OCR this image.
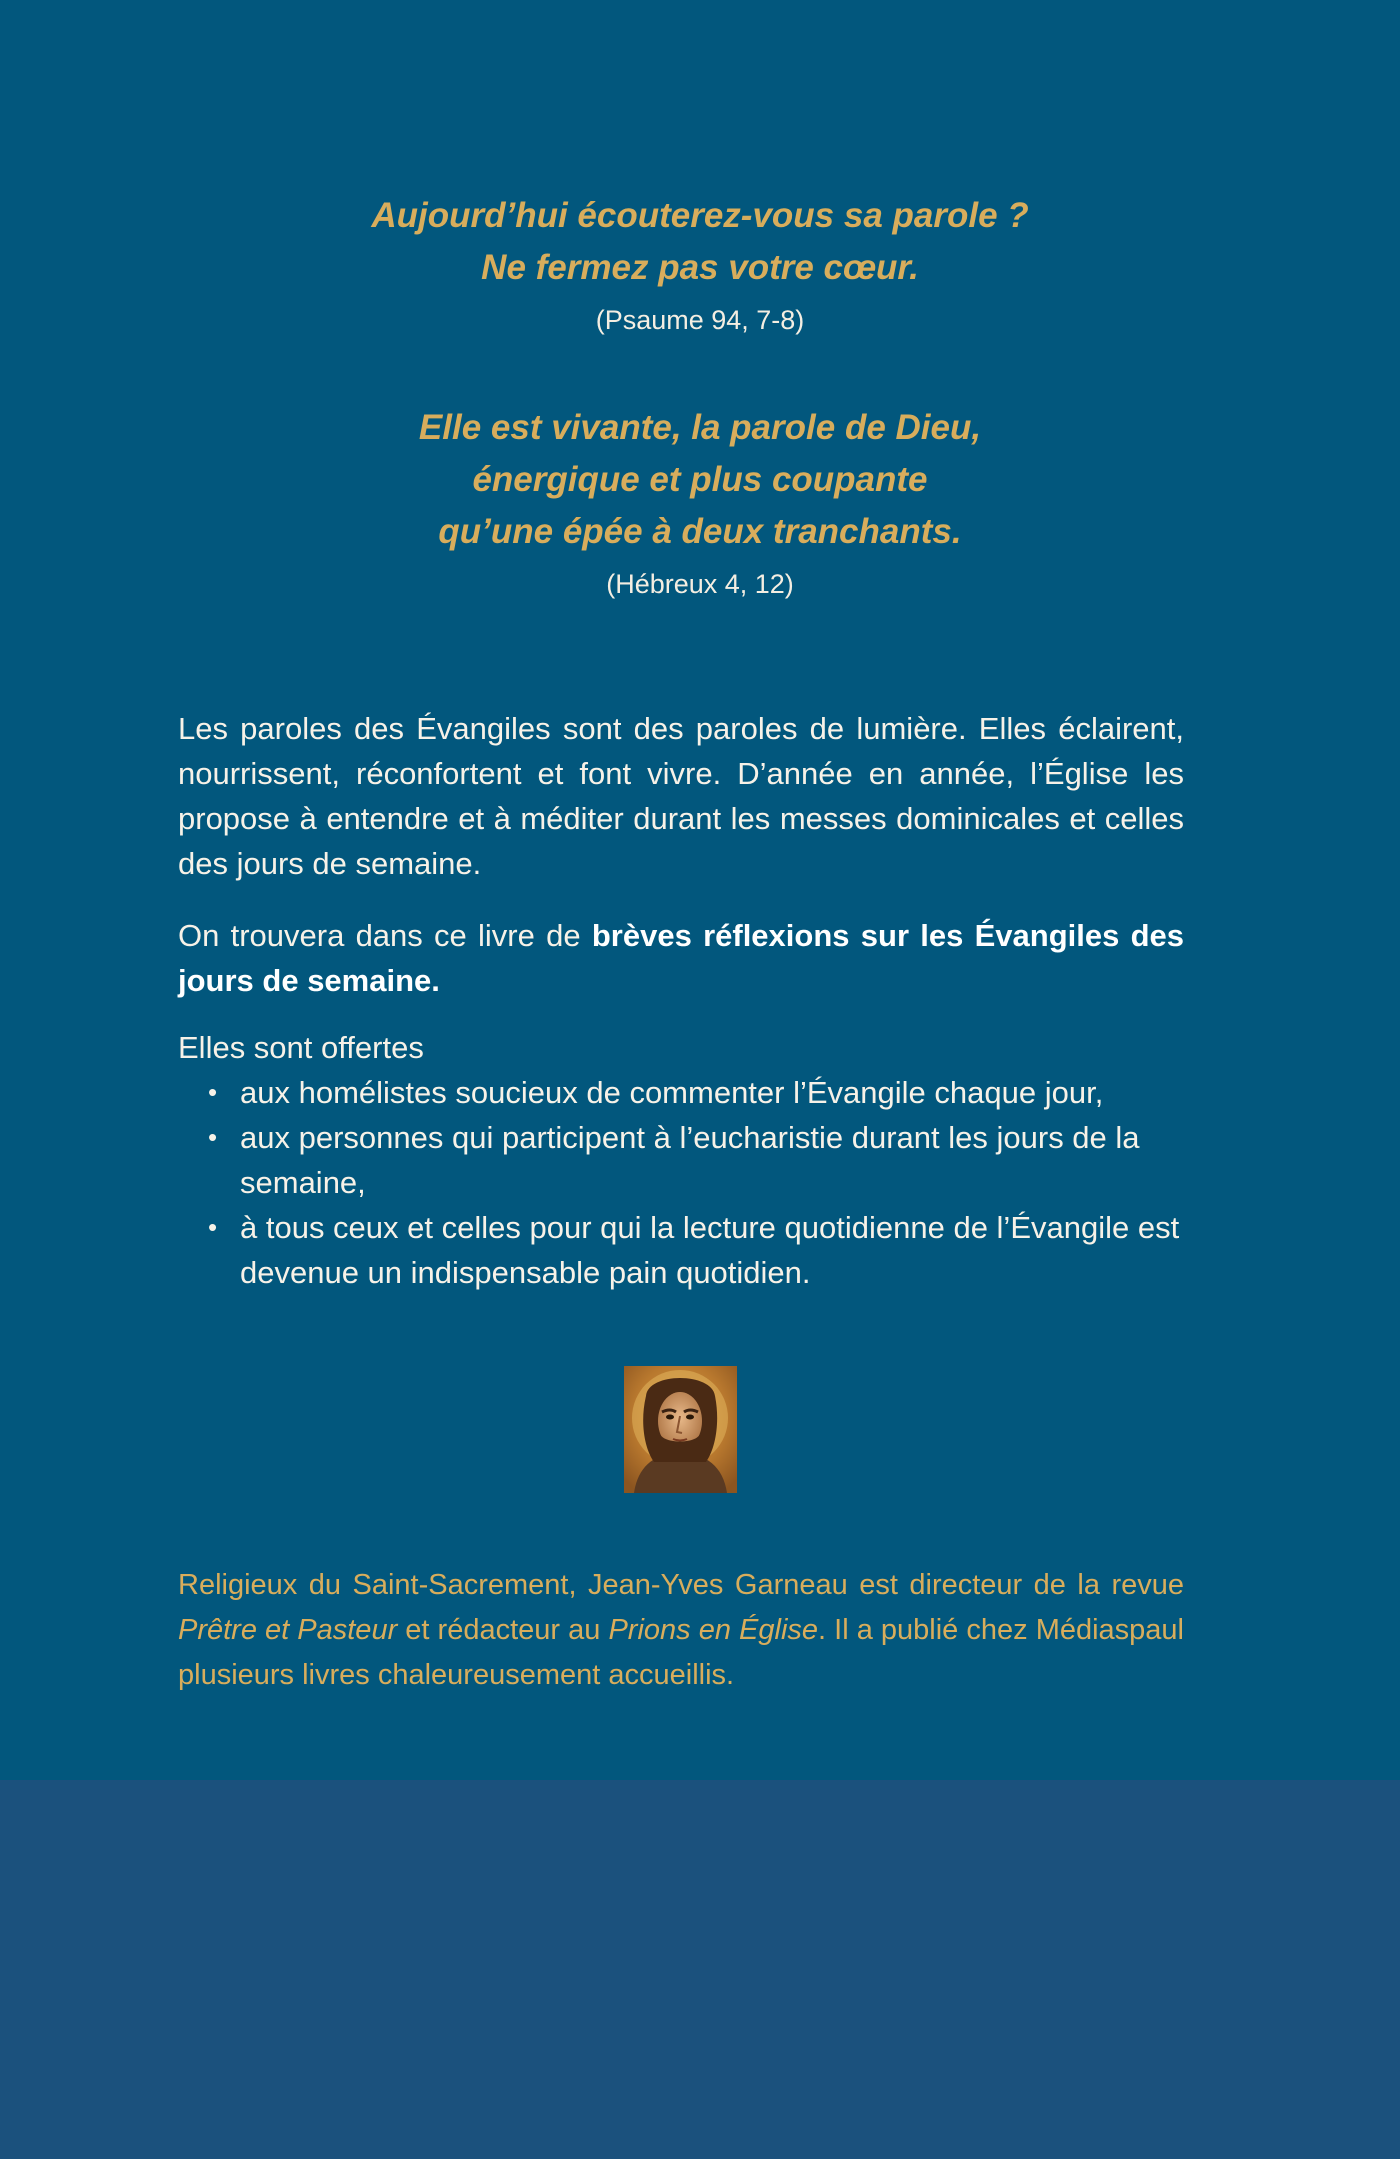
Aujourd’hui écouterez-vous sa parole ?
Ne fermez pas votre cœur.
(Psaume 94, 7-8)
Elle est vivante, la parole de Dieu,
énergique et plus coupante
qu’une épée à deux tranchants.
(Hébreux 4, 12)

Les paroles des Évangiles sont des paroles de lumière. Elles éclairent, nourrissent, réconfortent et font vivre. D’année en année, l’Église les propose à entendre et à méditer durant les messes dominicales et celles des jours de semaine.

On trouvera dans ce livre de brèves réflexions sur les Évangiles des jours de semaine.

Elles sont offertes

• aux homélistes soucieux de commenter l’Évangile chaque jour,
• aux personnes qui participent à l’eucharistie durant les jours de la semaine,
• à tous ceux et celles pour qui la lecture quotidienne de l’Évangile est devenue un indispensable pain quotidien.

Religieux du Saint-Sacrement, Jean-Yves Garneau est directeur de la revue Prêtre et Pasteur et rédacteur au Prions en Église. Il a publié chez Médiaspaul plusieurs livres chaleureusement accueillis.
